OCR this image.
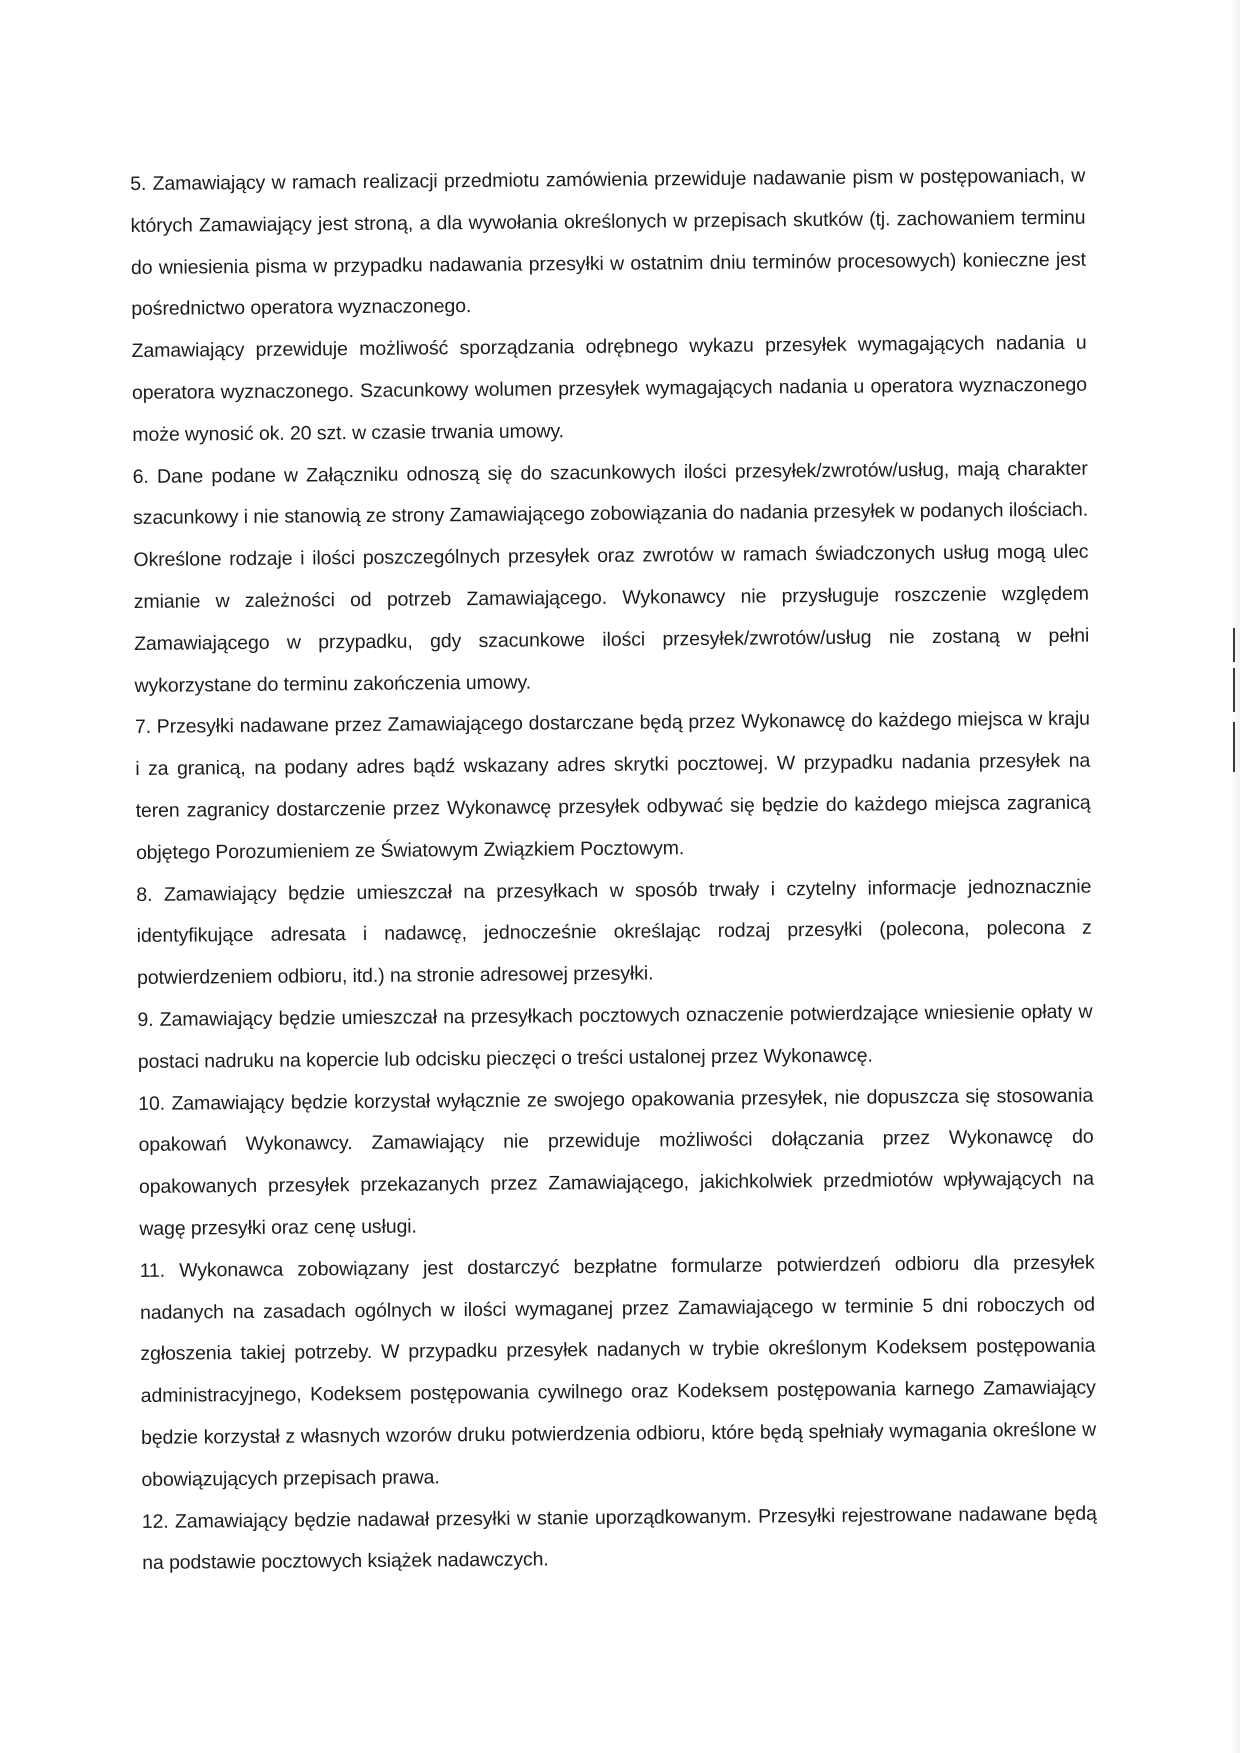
5. Zamawiający w ramach realizacji przedmiotu zamówienia przewiduje nadawanie pism w postępowaniach, w których Zamawiający jest stroną, a dla wywołania określonych w przepisach skutków (tj. zachowaniem terminu do wniesienia pisma w przypadku nadawania przesyłki w ostatnim dniu terminów procesowych) konieczne jest pośrednictwo operatora wyznaczonego.

Zamawiający przewiduje możliwość sporządzania odrębnego wykazu przesyłek wymagających nadania u operatora wyznaczonego. Szacunkowy wolumen przesyłek wymagających nadania u operatora wyznaczonego może wynosić ok. 20 szt. w czasie trwania umowy.

6. Dane podane w Załączniku odnoszą się do szacunkowych ilości przesyłek/zwrotów/usług, mają charakter szacunkowy i nie stanowią ze strony Zamawiającego zobowiązania do nadania przesyłek w podanych ilościach. Określone rodzaje i ilości poszczególnych przesyłek oraz zwrotów w ramach świadczonych usług mogą ulec zmianie w zależności od potrzeb Zamawiającego. Wykonawcy nie przysługuje roszczenie względem Zamawiającego w przypadku, gdy szacunkowe ilości przesyłek/zwrotów/usług nie zostaną w pełni wykorzystane do terminu zakończenia umowy.

7. Przesyłki nadawane przez Zamawiającego dostarczane będą przez Wykonawcę do każdego miejsca w kraju i za granicą, na podany adres bądź wskazany adres skrytki pocztowej. W przypadku nadania przesyłek na teren zagranicy dostarczenie przez Wykonawcę przesyłek odbywać się będzie do każdego miejsca zagranicą objętego Porozumieniem ze Światowym Związkiem Pocztowym.

8. Zamawiający będzie umieszczał na przesyłkach w sposób trwały i czytelny informacje jednoznacznie identyfikujące adresata i nadawcę, jednocześnie określając rodzaj przesyłki (polecona, polecona z potwierdzeniem odbioru, itd.) na stronie adresowej przesyłki.

9. Zamawiający będzie umieszczał na przesyłkach pocztowych oznaczenie potwierdzające wniesienie opłaty w postaci nadruku na kopercie lub odcisku pieczęci o treści ustalonej przez Wykonawcę.

10. Zamawiający będzie korzystał wyłącznie ze swojego opakowania przesyłek, nie dopuszcza się stosowania opakowań Wykonawcy. Zamawiający nie przewiduje możliwości dołączania przez Wykonawcę do opakowanych przesyłek przekazanych przez Zamawiającego, jakichkolwiek przedmiotów wpływających na wagę przesyłki oraz cenę usługi.

11. Wykonawca zobowiązany jest dostarczyć bezpłatne formularze potwierdzeń odbioru dla przesyłek nadanych na zasadach ogólnych w ilości wymaganej przez Zamawiającego w terminie 5 dni roboczych od zgłoszenia takiej potrzeby. W przypadku przesyłek nadanych w trybie określonym Kodeksem postępowania administracyjnego, Kodeksem postępowania cywilnego oraz Kodeksem postępowania karnego Zamawiający będzie korzystał z własnych wzorów druku potwierdzenia odbioru, które będą spełniały wymagania określone w obowiązujących przepisach prawa.

12. Zamawiający będzie nadawał przesyłki w stanie uporządkowanym. Przesyłki rejestrowane nadawane będą na podstawie pocztowych książek nadawczych.
